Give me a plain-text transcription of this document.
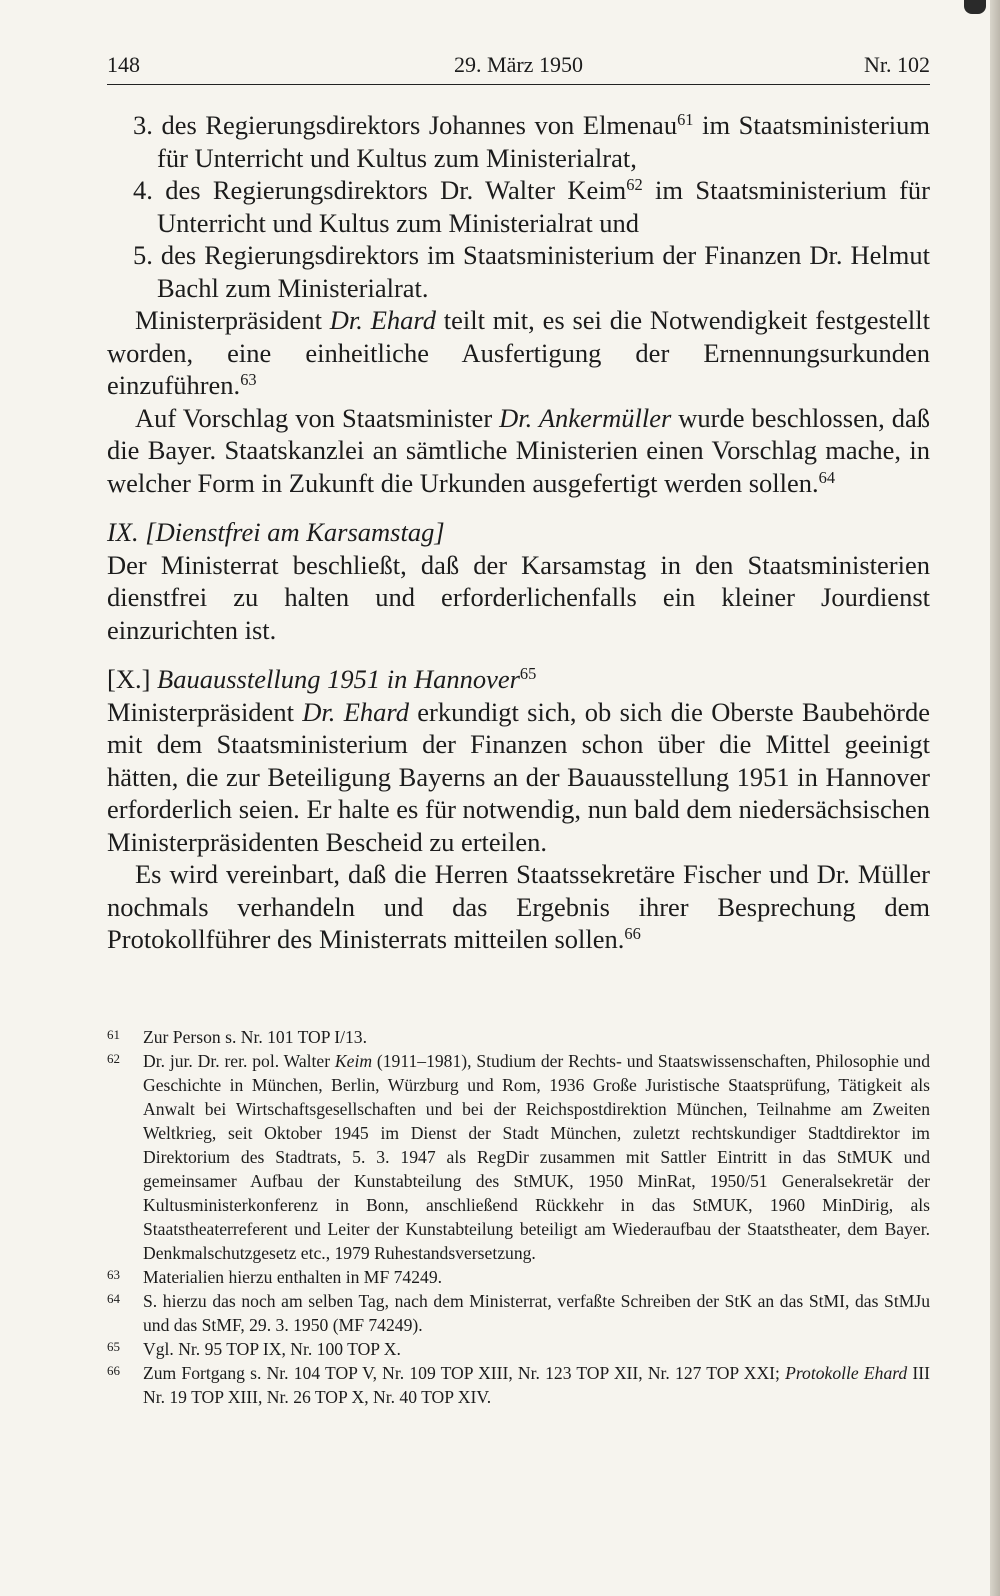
29. März 1950
148	Nr. 102

3. des Regierungsdirektors Johannes von Elmenau$^{61}$ im Staatsministerium für Unterricht und Kultus zum Ministerialrat,

4. des Regierungsdirektors Dr. Walter Keim$^{62}$ im Staatsministerium für Unterricht und Kultus zum Ministerialrat und

5. des Regierungsdirektors im Staatsministerium der Finanzen Dr. Helmut Bachl zum Ministerialrat.

Ministerpräsident Dr. Ehard teilt mit, es sei die Notwendigkeit festgestellt worden, eine einheitliche Ausfertigung der Ernennungsurkunden einzuführen.$^{63}$

Auf Vorschlag von Staatsminister Dr. Ankermüller wurde beschlossen, daß die Bayer. Staatskanzlei an sämtliche Ministerien einen Vorschlag mache, in welcher Form in Zukunft die Urkunden ausgefertigt werden sollen.$^{64}$

IX. [Dienstfrei am Karsamstag]

Der Ministerrat beschließt, daß der Karsamstag in den Staatsministerien dienstfrei zu halten und erforderlichenfalls ein kleiner Jourdienst einzurichten ist.

[X.] Bauausstellung 1951 in Hannover$^{65}$

Ministerpräsident Dr. Ehard erkundigt sich, ob sich die Oberste Baubehörde mit dem Staatsministerium der Finanzen schon über die Mittel geeinigt hätten, die zur Beteiligung Bayerns an der Bauausstellung 1951 in Hannover erforderlich seien. Er halte es für notwendig, nun bald dem niedersächsischen Ministerpräsidenten Bescheid zu erteilen.

Es wird vereinbart, daß die Herren Staatssekretäre Fischer und Dr. Müller nochmals verhandeln und das Ergebnis ihrer Besprechung dem Protokollführer des Ministerrats mitteilen sollen.$^{66}$

61	Zur Person s. Nr. 101 TOP I/13.

62	Dr. jur. Dr. rer. pol. Walter Keim (1911–1981), Studium der Rechts- und Staatswissenschaften, Philosophie und Geschichte in München, Berlin, Würzburg und Rom, 1936 Große Juristische Staatsprüfung, Tätigkeit als Anwalt bei Wirtschaftsgesellschaften und bei der Reichspostdirektion München, Teilnahme am Zweiten Weltkrieg, seit Oktober 1945 im Dienst der Stadt München, zuletzt rechtskundiger Stadtdirektor im Direktorium des Stadtrats, 5. 3. 1947 als RegDir zusammen mit Sattler Eintritt in das StMUK und gemeinsamer Aufbau der Kunstabteilung des StMUK, 1950 MinRat, 1950/51 Generalsekretär der Kultusministerkonferenz in Bonn, anschließend Rückkehr in das StMUK, 1960 MinDirig, als Staatstheaterreferent und Leiter der Kunstabteilung beteiligt am Wiederaufbau der Staatstheater, dem Bayer. Denkmalschutzgesetz etc., 1979 Ruhestandsversetzung.

63	Materialien hierzu enthalten in MF 74249.

64	S. hierzu das noch am selben Tag, nach dem Ministerrat, verfaßte Schreiben der StK an das StMI, das StMJu und das StMF, 29. 3. 1950 (MF 74249).

65	Vgl. Nr. 95 TOP IX, Nr. 100 TOP X.

66	Zum Fortgang s. Nr. 104 TOP V, Nr. 109 TOP XIII, Nr. 123 TOP XII, Nr. 127 TOP XXI; Protokolle Ehard III Nr. 19 TOP XIII, Nr. 26 TOP X, Nr. 40 TOP XIV.
